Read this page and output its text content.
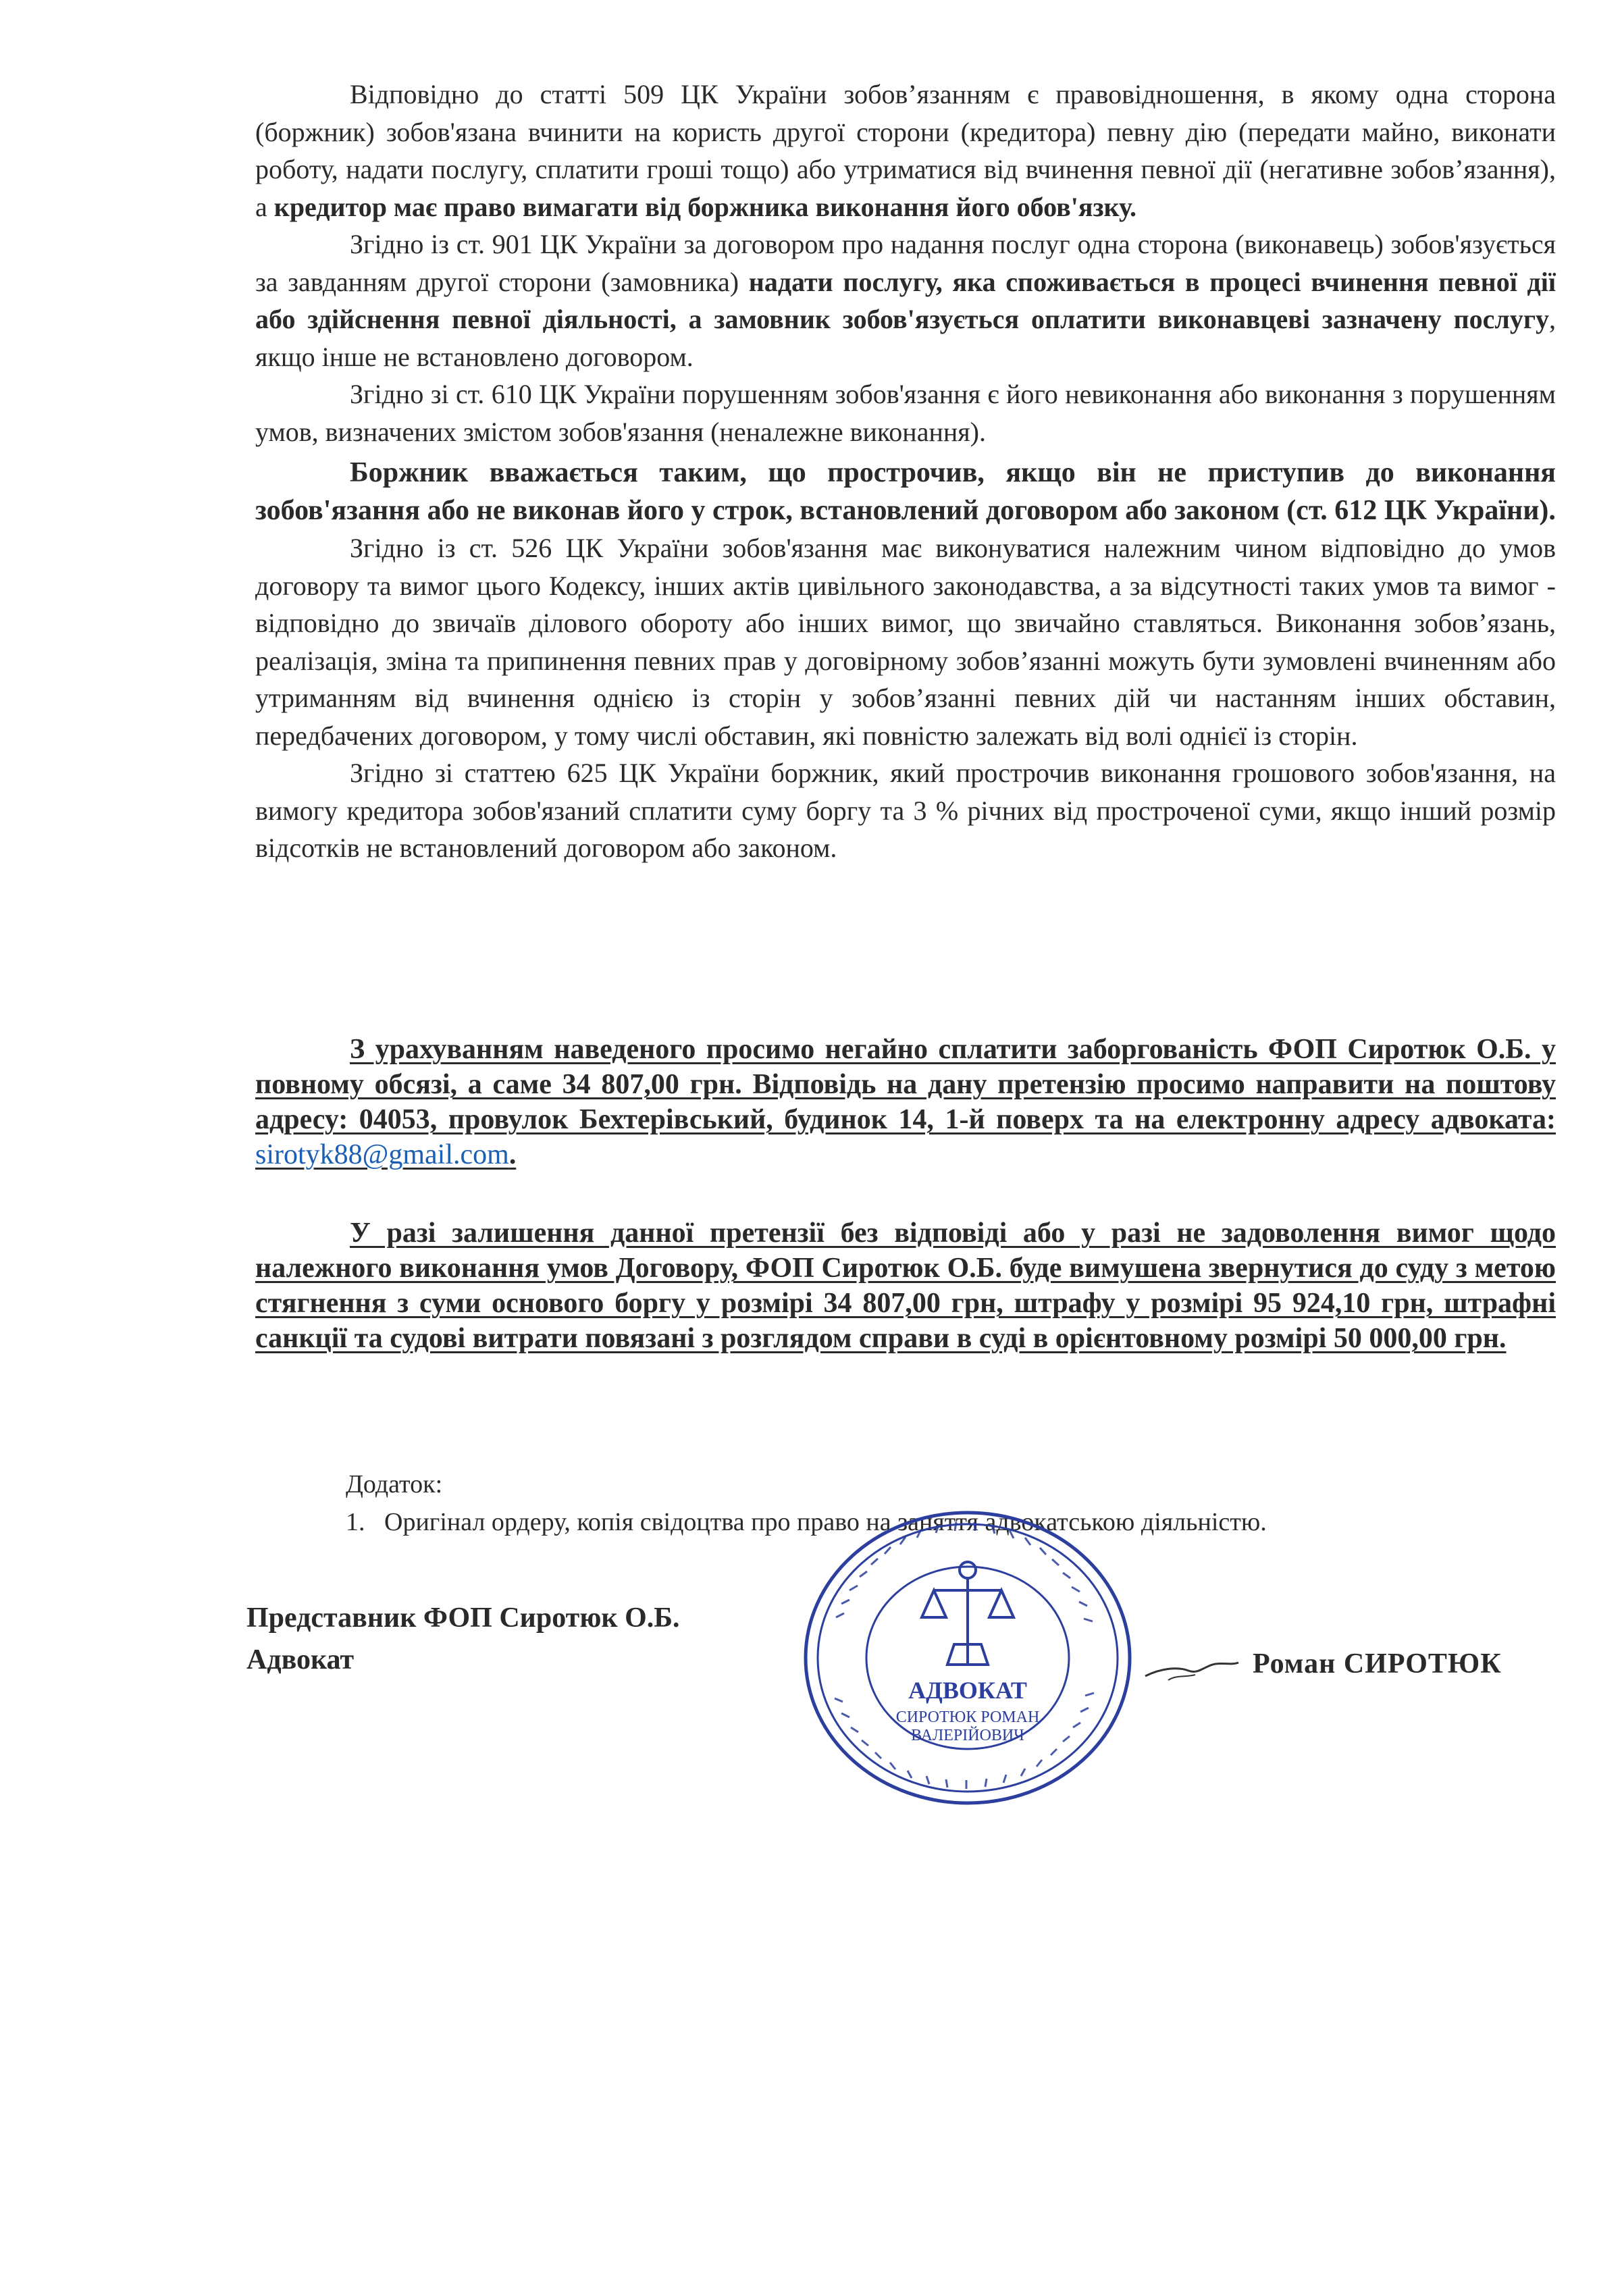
Відповідно до статті 509 ЦК України зобов’язанням є правовідношення, в якому одна сторона (боржник) зобов'язана вчинити на користь другої сторони (кредитора) певну дію (передати майно, виконати роботу, надати послугу, сплатити гроші тощо) або утриматися від вчинення певної дії (негативне зобов’язання), а кредитор має право вимагати від боржника виконання його обов'язку.

Згідно із ст. 901 ЦК України за договором про надання послуг одна сторона (виконавець) зобов'язується за завданням другої сторони (замовника) надати послугу, яка споживається в процесі вчинення певної дії або здійснення певної діяльності, а замовник зобов'язується оплатити виконавцеві зазначену послугу, якщо інше не встановлено договором.

Згідно зі ст. 610 ЦК України порушенням зобов'язання є його невиконання або виконання з порушенням умов, визначених змістом зобов'язання (неналежне виконання).

Боржник вважається таким, що прострочив, якщо він не приступив до виконання зобов'язання або не виконав його у строк, встановлений договором або законом (ст. 612 ЦК України).

Згідно із ст. 526 ЦК України зобов'язання має виконуватися належним чином відповідно до умов договору та вимог цього Кодексу, інших актів цивільного законодавства, а за відсутності таких умов та вимог - відповідно до звичаїв ділового обороту або інших вимог, що звичайно ставляться. Виконання зобов’язань, реалізація, зміна та припинення певних прав у договірному зобов’язанні можуть бути зумовлені вчиненням або утриманням від вчинення однією із сторін у зобов’язанні певних дій чи настанням інших обставин, передбачених договором, у тому числі обставин, які повністю залежать від волі однієї із сторін.

Згідно зі статтею 625 ЦК України боржник, який прострочив виконання грошового зобов'язання, на вимогу кредитора зобов'язаний сплатити суму боргу та 3 % річних від простроченої суми, якщо інший розмір відсотків не встановлений договором або законом.

З урахуванням наведеного просимо негайно сплатити заборгованість ФОП Сиротюк О.Б. у повному обсязі, а саме 34 807,00 грн. Відповідь на дану претензію просимо направити на поштову адресу: 04053, провулок Бехтерівський, будинок 14, 1-й поверх та на електронну адресу адвоката: sirotyk88@gmail.com.
У разі залишення данної претензії без відповіді або у разі не задоволення вимог щодо належного виконання умов Договору, ФОП Сиротюк О.Б. буде вимушена звернутися до суду з метою стягнення з суми основого боргу у розмірі 34 807,00 грн, штрафу у розмірі 95 924,10 грн, штрафні санкції та судові витрати повязані з розглядом справи в суді в орієнтовному розмірі 50 000,00 грн.
Додаток:
1. Оригінал ордеру, копія свідоцтва про право на заняття адвокатською діяльністю.
Представник ФОП Сиротюк О.Б.
Адвокат	Роман СИРОТЮК
АДВОКАТ
СИРОТЮК РОМАН
ВАЛЕРІЙОВИЧ
